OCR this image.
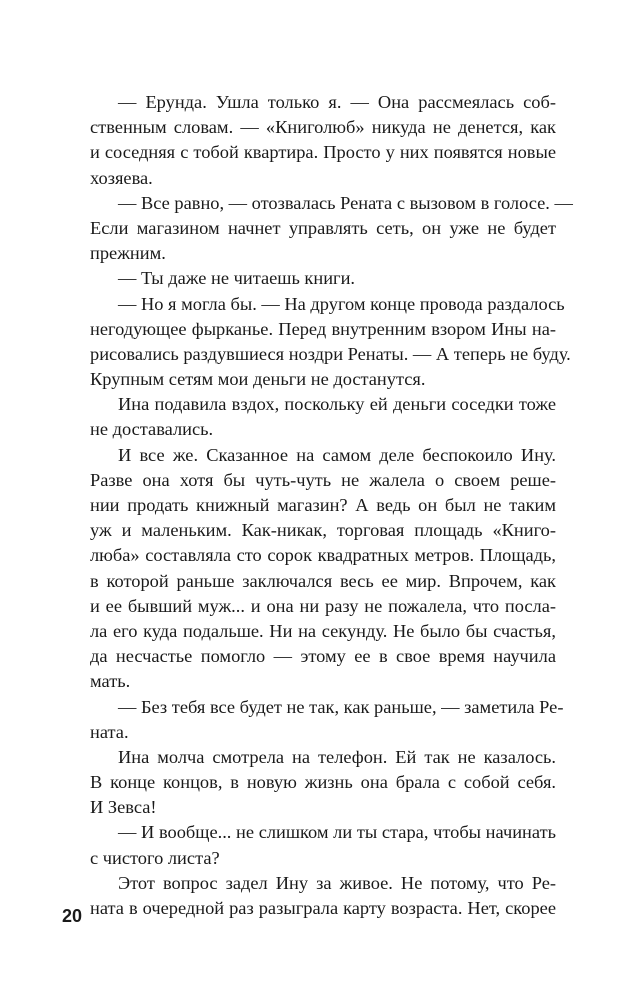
— Ерунда. Ушла только я. — Она рассмеялась соб-
ственным словам. — «Книголюб» никуда не денется, как
и соседняя с тобой квартира. Просто у них появятся новые
хозяева.
— Все равно, — отозвалась Рената с вызовом в голосе. —
Если магазином начнет управлять сеть, он уже не будет
прежним.
— Ты даже не читаешь книги.
— Но я могла бы. — На другом конце провода раздалось
негодующее фырканье. Перед внутренним взором Ины на-
рисовались раздувшиеся ноздри Ренаты. — А теперь не буду.
Крупным сетям мои деньги не достанутся.
Ина подавила вздох, поскольку ей деньги соседки тоже
не доставались.
И все же. Сказанное на самом деле беспокоило Ину.
Разве она хотя бы чуть-чуть не жалела о своем реше-
нии продать книжный магазин? А ведь он был не таким
уж и маленьким. Как-никак, торговая площадь «Книго-
люба» составляла сто сорок квадратных метров. Площадь,
в которой раньше заключался весь ее мир. Впрочем, как
и ее бывший муж... и она ни разу не пожалела, что посла-
ла его куда подальше. Ни на секунду. Не было бы счастья,
да несчастье помогло — этому ее в свое время научила
мать.
— Без тебя все будет не так, как раньше, — заметила Ре-
ната.
Ина молча смотрела на телефон. Ей так не казалось.
В конце концов, в новую жизнь она брала с собой себя.
И Зевса!
— И вообще... не слишком ли ты стара, чтобы начинать
с чистого листа?
Этот вопрос задел Ину за живое. Не потому, что Ре-
ната в очередной раз разыграла карту возраста. Нет, скорее
20
